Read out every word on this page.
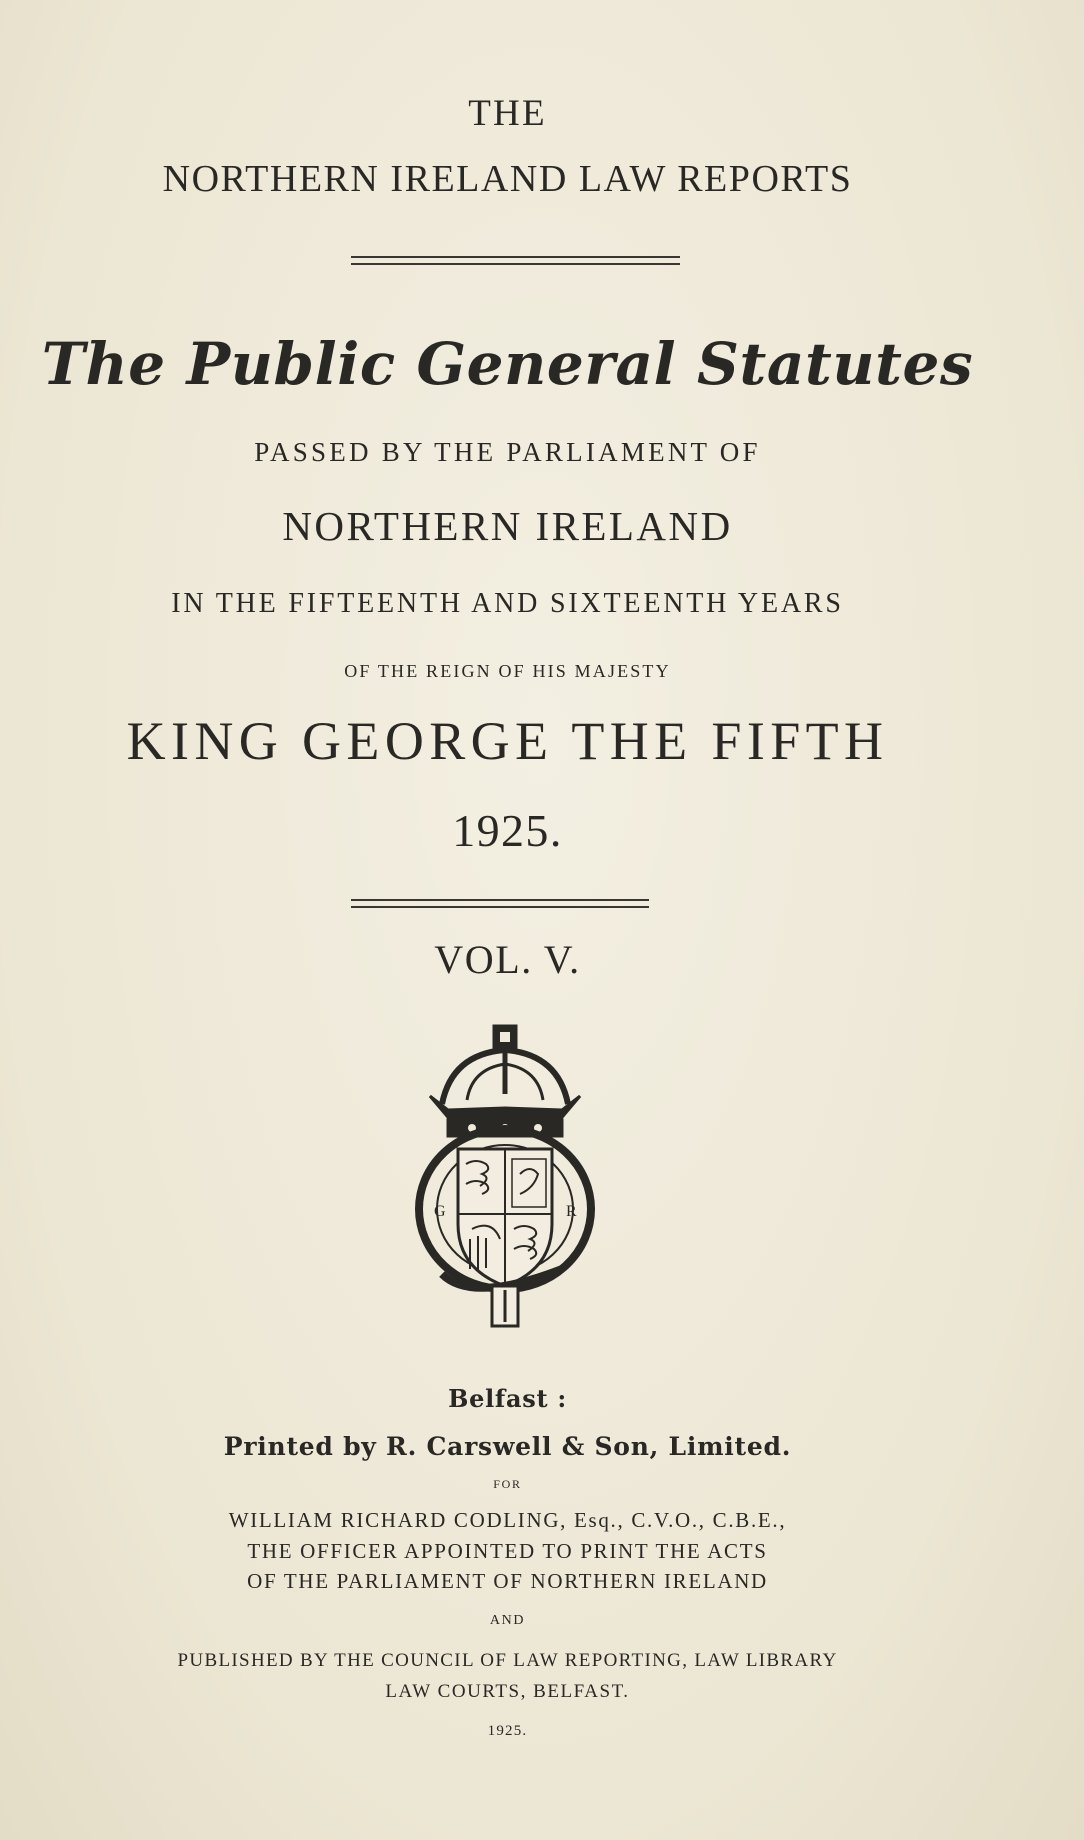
THE
NORTHERN IRELAND LAW REPORTS
The Public General Statutes
PASSED BY THE PARLIAMENT OF
NORTHERN IRELAND
IN THE FIFTEENTH AND SIXTEENTH YEARS
OF THE REIGN OF HIS MAJESTY
KING GEORGE THE FIFTH
1925.
VOL. V.
G	R
Belfast :
Printed by R. Carswell & Son, Limited.
FOR
WILLIAM RICHARD CODLING, Esq., C.V.O., C.B.E.,
THE OFFICER APPOINTED TO PRINT THE ACTS
OF THE PARLIAMENT OF NORTHERN IRELAND
AND
PUBLISHED BY THE COUNCIL OF LAW REPORTING, LAW LIBRARY
LAW COURTS, BELFAST.
1925.
